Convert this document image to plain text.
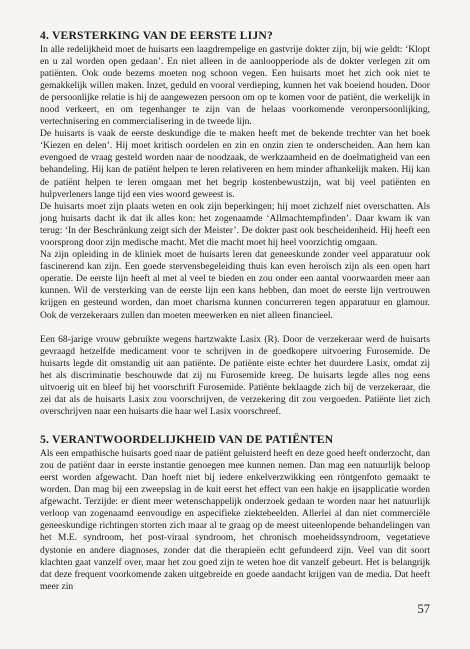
4. VERSTERKING VAN DE EERSTE LIJN?

In alle redelijkheid moet de huisarts een laagdrempelige en gastvrije dokter zijn, bij wie geldt: ‘Klopt en u zal worden open gedaan’. En niet alleen in de aanloopperiode als de dokter verlegen zit om patiënten. Ook oude bezems moeten nog schoon vegen. Een huisarts moet het zich ook niet te gemakkelijk willen maken. Inzet, geduld en vooral verdieping, kunnen het vak boeiend houden. Door de persoonlijke relatie is hij de aangewezen persoon om op te komen voor de patiënt, die werkelijk in nood verkeert, en om tegenhanger te zijn van de helaas voorkomende veronpersoonlijking, vertechnisering en commercialisering in de tweede lijn.

De huisarts is vaak de eerste deskundige die te maken heeft met de bekende trechter van het boek ‘Kiezen en delen’. Hij moet kritisch oordelen en zin en onzin zien te onderscheiden. Aan hem kan evengoed de vraag gesteld worden naar de noodzaak, de werkzaamheid en de doelmatigheid van een behandeling. Hij kan de patiënt helpen te leren relativeren en hem minder afhankelijk maken. Hij kan de patiënt helpen te leren omgaan met het begrip kostenbewustzijn, wat bij veel patiënten en hulpverleners lange tijd een vies woord geweest is.

De huisarts moet zijn plaats weten en ook zijn beperkingen; hij moet zichzelf niet overschatten. Als jong huisarts dacht ik dat ik alles kon: het zogenaamde ‘Allmachtempfinden’. Daar kwam ik van terug: ‘In der Beschränkung zeigt sich der Meister’. De dokter past ook bescheidenheid. Hij heeft een voorsprong door zijn medische macht. Met die macht moet hij heel voorzichtig omgaan.

Na zijn opleiding in de kliniek moet de huisarts leren dat geneeskunde zonder veel apparatuur ook fascinerend kan zijn. Een goede stervensbegeleiding thuis kan even heroïsch zijn als een open hart operatie. De eerste lijn heeft al met al veel te bieden en zou onder een aantal voorwaarden meer aan kunnen. Wil de versterking van de eerste lijn een kans hebben, dan moet de eerste lijn vertrouwen krijgen en gesteund worden, dan moet charisma kunnen concurreren tegen apparatuur en glamour. Ook de verzekeraars zullen dan moeten meewerken en niet alleen financieel.

Een 68-jarige vrouw gebruikte wegens hartzwakte Lasix (R). Door de verzekeraar werd de huisarts gevraagd hetzelfde medicament voor te schrijven in de goedkopere uitvoering Furosemide. De huisarts legde dit omstandig uit aan patiënte. De patiënte eiste echter het duurdere Lasix, omdat zij het als discriminatie beschouwde dat zij nu Furosemide kreeg. De huisarts legde alles nog eens uitvoerig uit en bleef bij het voorschrift Furosemide. Patiënte beklaagde zich bij de verzekeraar, die zei dat als de huisarts Lasix zou voorschrijven, de verzekering dit zou vergoeden. Patiënte liet zich overschrijven naar een huisarts die haar wel Lasix voorschreef.

5. VERANTWOORDELIJKHEID VAN DE PATIËNTEN

Als een empathische huisarts goed naar de patiënt geluisterd heeft en deze goed heeft onderzocht, dan zou de patiënt daar in eerste instantie genoegen mee kunnen nemen. Dan mag een natuurlijk beloop eerst worden afgewacht. Dan hoeft niet bij iedere enkelverzwikking een röntgenfoto gemaakt te worden. Dan mag bij een zweepslag in de kuit eerst het effect van een hakje en ijsapplicatie worden afgewacht. Terzijde: er dient meer wetenschappelijk onderzoek gedaan te worden naar het natuurlijk verloop van zogenaamd eenvoudige en aspecifieke ziektebeelden. Allerlei al dan niet commerciële geneeskundige richtingen storten zich maar al te graag op de meest uiteenlopende behandelingen van het M.E. syndroom, het post-viraal syndroom, het chronisch moeheidssyndroom, vegetatieve dystonie en andere diagnoses, zonder dat die therapieën echt gefundeerd zijn. Veel van dit soort klachten gaat vanzelf over, maar het zou goed zijn te weten hoe dit vanzelf gebeurt. Het is belangrijk dat deze frequent voorkomende zaken uitgebreide en goede aandacht krijgen van de media. Dat heeft meer zin

57
